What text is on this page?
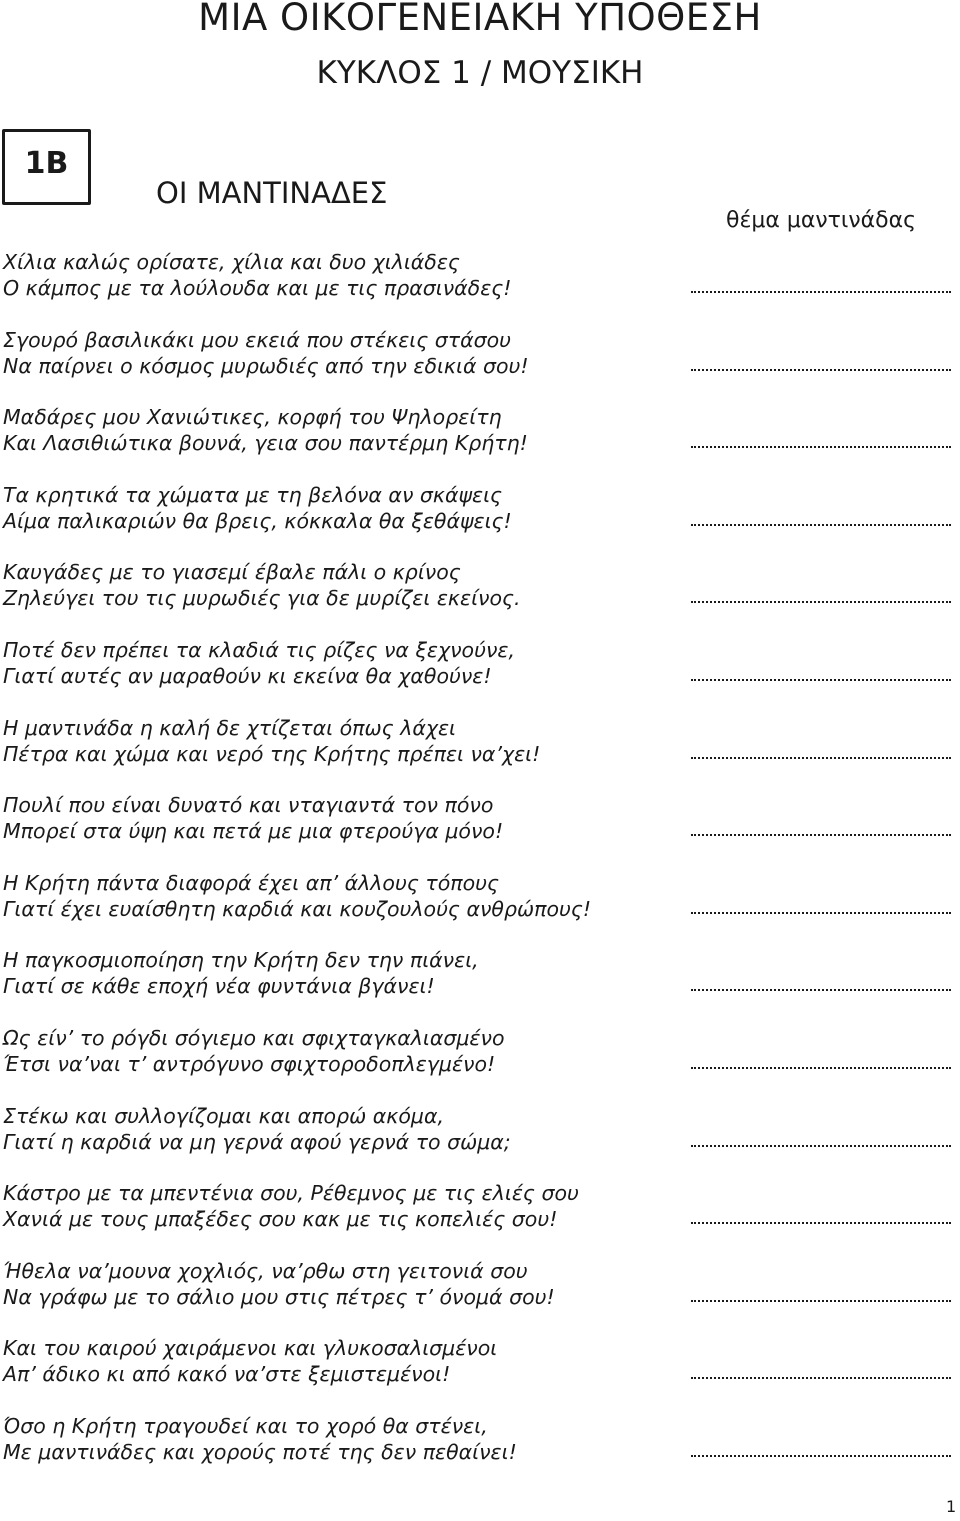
ΜΙΑ ΟΙΚΟΓΕΝΕΙΑΚΗ ΥΠΟΘΕΣΗ
ΚΥΚΛΟΣ 1 / ΜΟΥΣΙΚΗ
1Β
ΟΙ ΜΑΝΤΙΝΑΔΕΣ
θέμα μαντινάδας
Χίλια καλώς ορίσατε, χίλια και δυο χιλιάδες
Ο κάμπος με τα λούλουδα και με τις πρασινάδες!
Σγουρό βασιλικάκι μου εκειά που στέκεις στάσου
Να παίρνει ο κόσμος μυρωδιές από την εδικιά σου!
Μαδάρες μου Χανιώτικες, κορφή του Ψηλορείτη
Και Λασιθιώτικα βουνά, γεια σου παντέρμη Κρήτη!
Τα κρητικά τα χώματα με τη βελόνα αν σκάψεις
Αίμα παλικαριών θα βρεις, κόκκαλα θα ξεθάψεις!
Καυγάδες με το γιασεμί έβαλε πάλι ο κρίνος
Ζηλεύγει του τις μυρωδιές για δε μυρίζει εκείνος.
Ποτέ δεν πρέπει τα κλαδιά τις ρίζες να ξεχνούνε,
Γιατί αυτές αν μαραθούν κι εκείνα θα χαθούνε!
Η μαντινάδα η καλή δε χτίζεται όπως λάχει
Πέτρα και χώμα και νερό της Κρήτης πρέπει να’χει!
Πουλί που είναι δυνατό και νταγιαντά τον πόνο
Μπορεί στα ύψη και πετά με μια φτερούγα μόνο!
Η Κρήτη πάντα διαφορά έχει απ’ άλλους τόπους
Γιατί έχει ευαίσθητη καρδιά και κουζουλούς ανθρώπους!
Η παγκοσμιοποίηση την Κρήτη δεν την πιάνει,
Γιατί σε κάθε εποχή νέα φυντάνια βγάνει!
Ως είν’ το ρόγδι σόγιεμο και σφιχταγκαλιασμένο
Έτσι να’ναι τ’ αντρόγυνο σφιχτοροδοπλεγμένο!
Στέκω και συλλογίζομαι και απορώ ακόμα,
Γιατί η καρδιά να μη γερνά αφού γερνά το σώμα;
Κάστρο με τα μπεντένια σου, Ρέθεμνος με τις ελιές σου
Χανιά με τους μπαξέδες σου κακ με τις κοπελιές σου!
Ήθελα να’μουνα χοχλιός, να’ρθω στη γειτονιά σου
Να γράφω με το σάλιο μου στις πέτρες τ’ όνομά σου!
Και του καιρού χαιράμενοι και γλυκοσαλισμένοι
Απ’ άδικο κι από κακό να’στε ξεμιστεμένοι!
Όσο η Κρήτη τραγουδεί και το χορό θα στένει,
Με μαντινάδες και χορούς ποτέ της δεν πεθαίνει!
1
